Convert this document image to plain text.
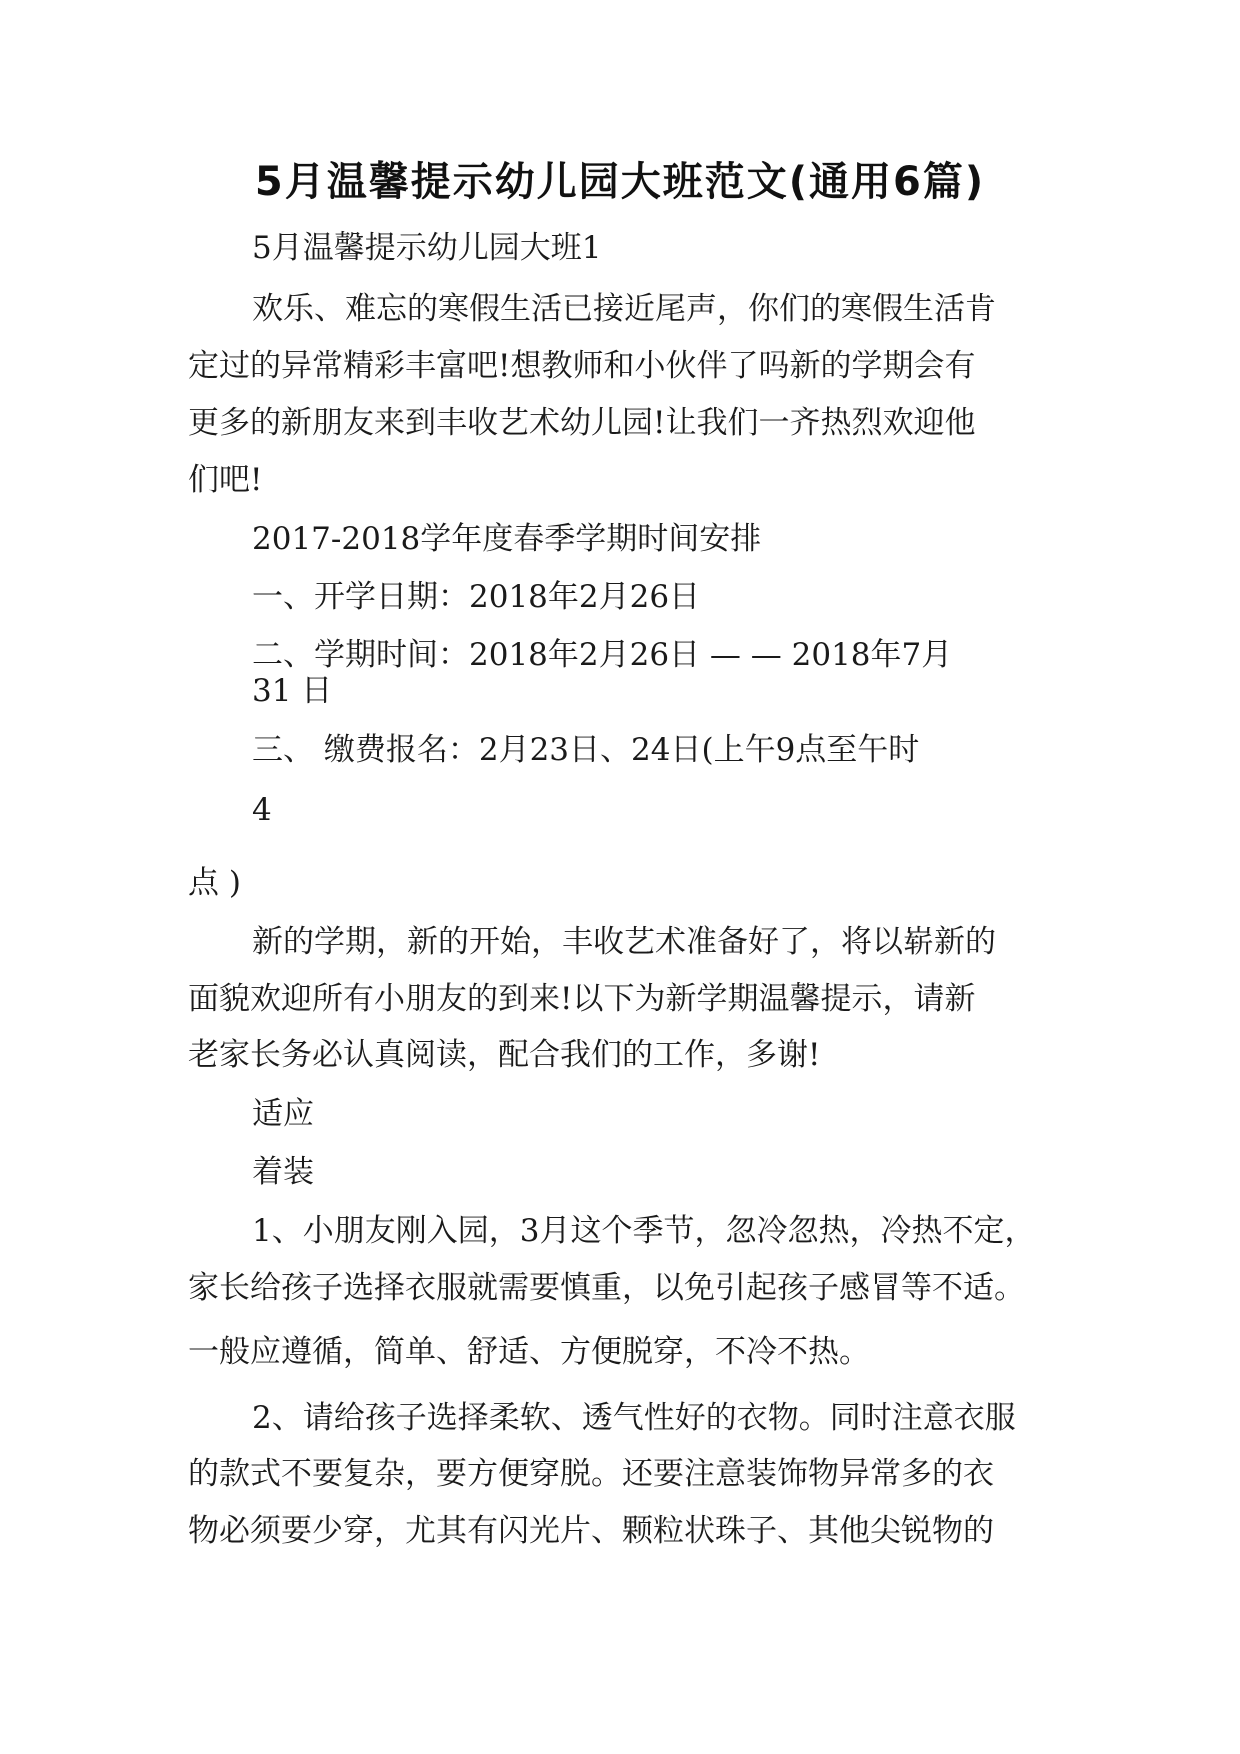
5月温馨提示幼儿园大班范文(通用6篇)
5月温馨提示幼儿园大班1
欢乐、难忘的寒假生活已接近尾声，你们的寒假生活肯
定过的异常精彩丰富吧!想教师和小伙伴了吗新的学期会有
更多的新朋友来到丰收艺术幼儿园!让我们一齐热烈欢迎他
们吧!
2017-2018学年度春季学期时间安排
一、开学日期：2018年2月26日
二、学期时间：2018年2月26日 — — 2018年7月
31 日
三、 缴费报名：2月23日、24日(上午9点至午时
4
点 )
新的学期，新的开始，丰收艺术准备好了，将以崭新的
面貌欢迎所有小朋友的到来!以下为新学期温馨提示，请新
老家长务必认真阅读，配合我们的工作，多谢!
适应
着装
1、小朋友刚入园，3月这个季节，忽冷忽热，冷热不定，
家长给孩子选择衣服就需要慎重，以免引起孩子感冒等不适。
一般应遵循，简单、舒适、方便脱穿，不冷不热。
2、请给孩子选择柔软、透气性好的衣物。同时注意衣服
的款式不要复杂，要方便穿脱。还要注意装饰物异常多的衣
物必须要少穿，尤其有闪光片、颗粒状珠子、其他尖锐物的
